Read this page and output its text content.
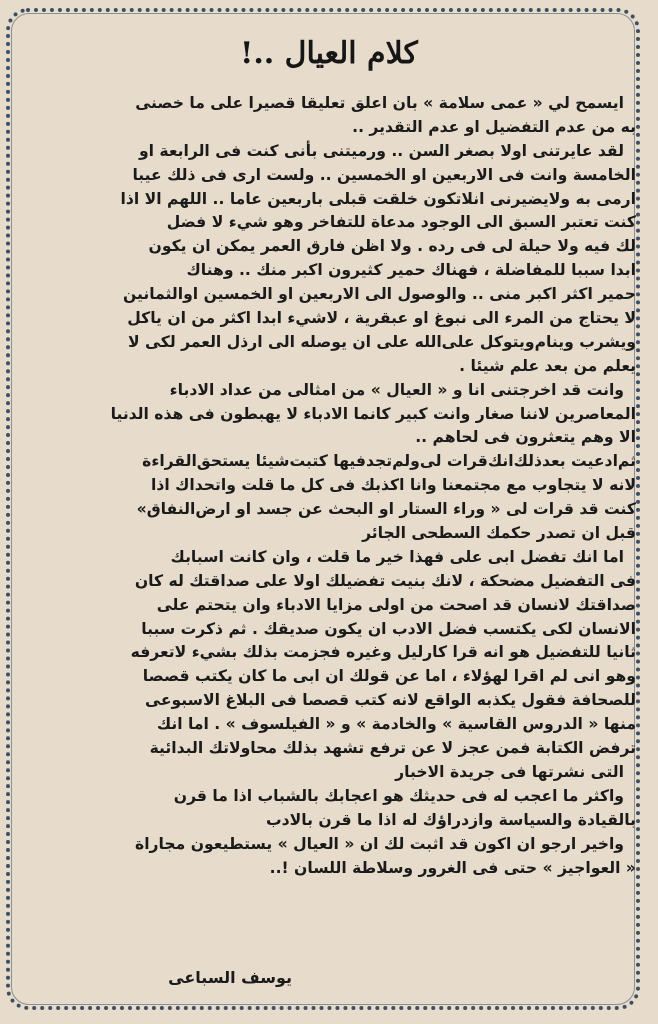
كلام العيال ..!
ايسمح لي « عمى سلامة » بان اعلق تعليقا قصيرا على ما خصنى
به من عدم التفضيل او عدم التقدير ..
لقد عايرتنى اولا بصغر السن .. ورميتنى بأنى كنت فى الرابعة او
الخامسة وانت فى الاربعين او الخمسين .. ولست ارى فى ذلك عيبا
ارمى به ولايضيرنى انلاتكون خلقت قبلى باربعين عاما .. اللهم الا اذا
كنت تعتبر السبق الى الوجود مدعاة للتفاخر وهو شيء لا فضل
لك فيه ولا حيلة لى فى رده . ولا اظن فارق العمر يمكن ان يكون
ابدا سببا للمفاضلة ، فهناك حمير كثيرون اكبر منك .. وهناك
حمير اكثر اكبر منى .. والوصول الى الاربعين او الخمسين اوالثمانين
لا يحتاج من المرء الى نبوغ او عبقرية ، لاشيء ابدا اكثر من ان ياكل
ويشرب وينام‌ويتوكل على‌الله على ان يوصله الى ارذل العمر لكى لا
يعلم من بعد علم شيئا .
وانت قد اخرجتنى انا و « العيال » من امثالى من عداد الادباء
المعاصرين لاننا صغار وانت كبير كانما الادباء لا يهبطون فى هذه الدنيا
الا وهم يتعثرون فى لحاهم ..
ثم‌ادعيت بعدذلك‌انك‌قرات لى‌ولم‌تجدفيها كتبت‌شيئا يستحق‌القراءة
لانه لا يتجاوب مع مجتمعنا وانا اكذبك فى كل ما قلت واتحداك اذا
كنت قد قرات لى « وراء الستار او البحث عن جسد او ارض‌النفاق»
قبل ان تصدر حكمك السطحى الجائر
اما انك تفضل ابى على فهذا خير ما قلت ، وان كانت اسبابك
فى التفضيل مضحكة ، لانك بنيت تفضيلك اولا على صداقتك له كان
صداقتك لانسان قد اصحت من اولى مزايا الادباء وان يتحتم على
الانسان لكى يكتسب فضل الادب ان يكون صديقك . ثم ذكرت سببا
ثانيا للتفضيل هو انه قرا كارليل وغيره فجزمت بذلك بشيء لاتعرفه
وهو انى لم اقرا لهؤلاء ، اما عن قولك ان ابى ما كان يكتب قصصا
للصحافة فقول يكذبه الواقع لانه كتب قصصا فى البلاغ الاسبوعى
منها « الدروس القاسية » والخادمة » و « الفيلسوف » . اما انك
ترفض الكتابة فمن عجز لا عن ترفع تشهد بذلك محاولاتك البدائية
التى نشرتها فى جريدة الاخبار
واكثر ما اعجب له فى حديثك هو اعجابك بالشباب اذا ما قرن
بالقيادة والسياسة وازدراؤك له اذا ما قرن بالادب
واخير ارجو ان اكون قد اثبت لك ان « العيال » يستطيعون مجاراة
« العواجيز » حتى فى الغرور وسلاطة اللسان !..
يوسف السباعى
